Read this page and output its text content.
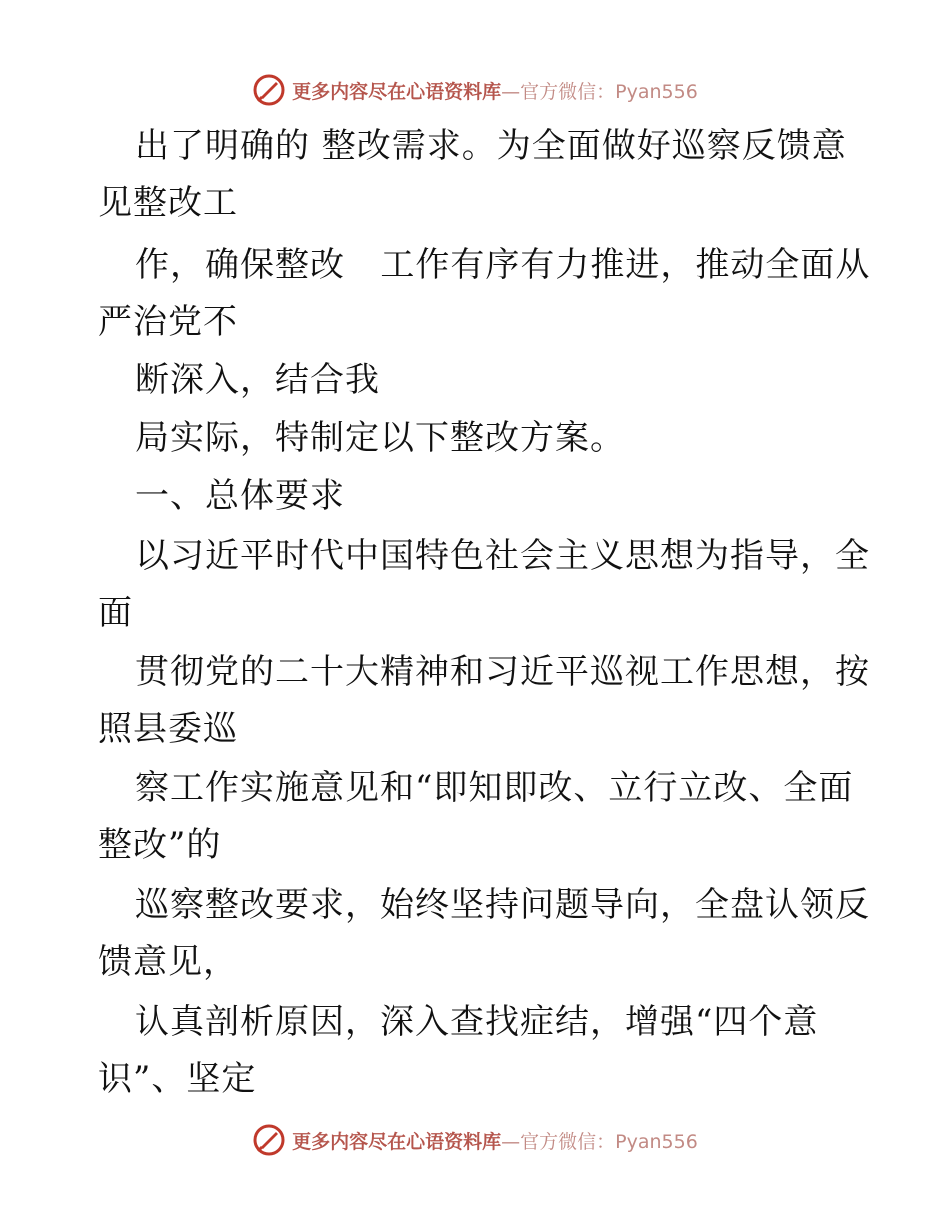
更多内容尽在心语资料库—官方微信：Pyan556
出了明确的 整改需求。为全面做好巡察反馈意
见整改工
作，确保整改   工作有序有力推进，推动全面从
严治党不
断深入，结合我
局实际，特制定以下整改方案。
一、总体要求
以习近平时代中国特色社会主义思想为指导，全
面
贯彻党的二十大精神和习近平巡视工作思想，按
照县委巡
察工作实施意见和“即知即改、立行立改、全面
整改”的
巡察整改要求，始终坚持问题导向，全盘认领反
馈意见，
认真剖析原因，深入查找症结，增强“四个意
识”、坚定
更多内容尽在心语资料库—官方微信：Pyan556
